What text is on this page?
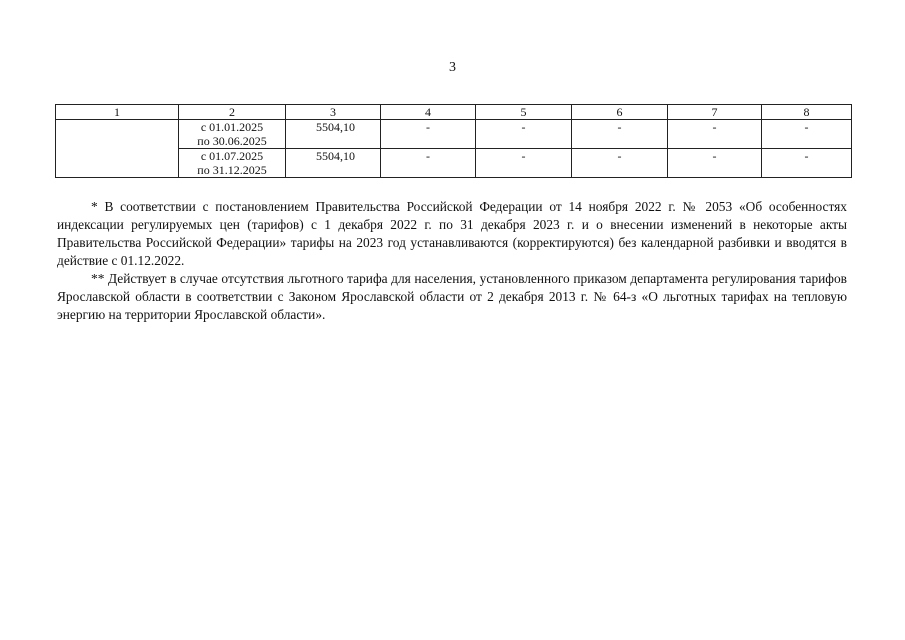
3
1	2	3	4	5	6	7	8

	с 01.01.2025
по 30.06.2025	5504,10	-	-	-	-	-

	с 01.07.2025
по 31.12.2025	5504,10	-	-	-	-	-

* В соответствии с постановлением Правительства Российской Федерации от 14 ноября 2022 г. № 2053 «Об особенностях индексации регулируемых цен (тарифов) с 1 декабря 2022 г. по 31 декабря 2023 г. и о внесении изменений в некоторые акты Правительства Российской Федерации» тарифы на 2023 год устанавливаются (корректируются) без календарной разбивки и вводятся в действие с 01.12.2022.

** Действует в случае отсутствия льготного тарифа для населения, установленного приказом департамента регулирования тарифов Ярославской области в соответствии с Законом Ярославской области от 2 декабря 2013 г. № 64-з «О льготных тарифах на тепловую энергию на территории Ярославской области».
